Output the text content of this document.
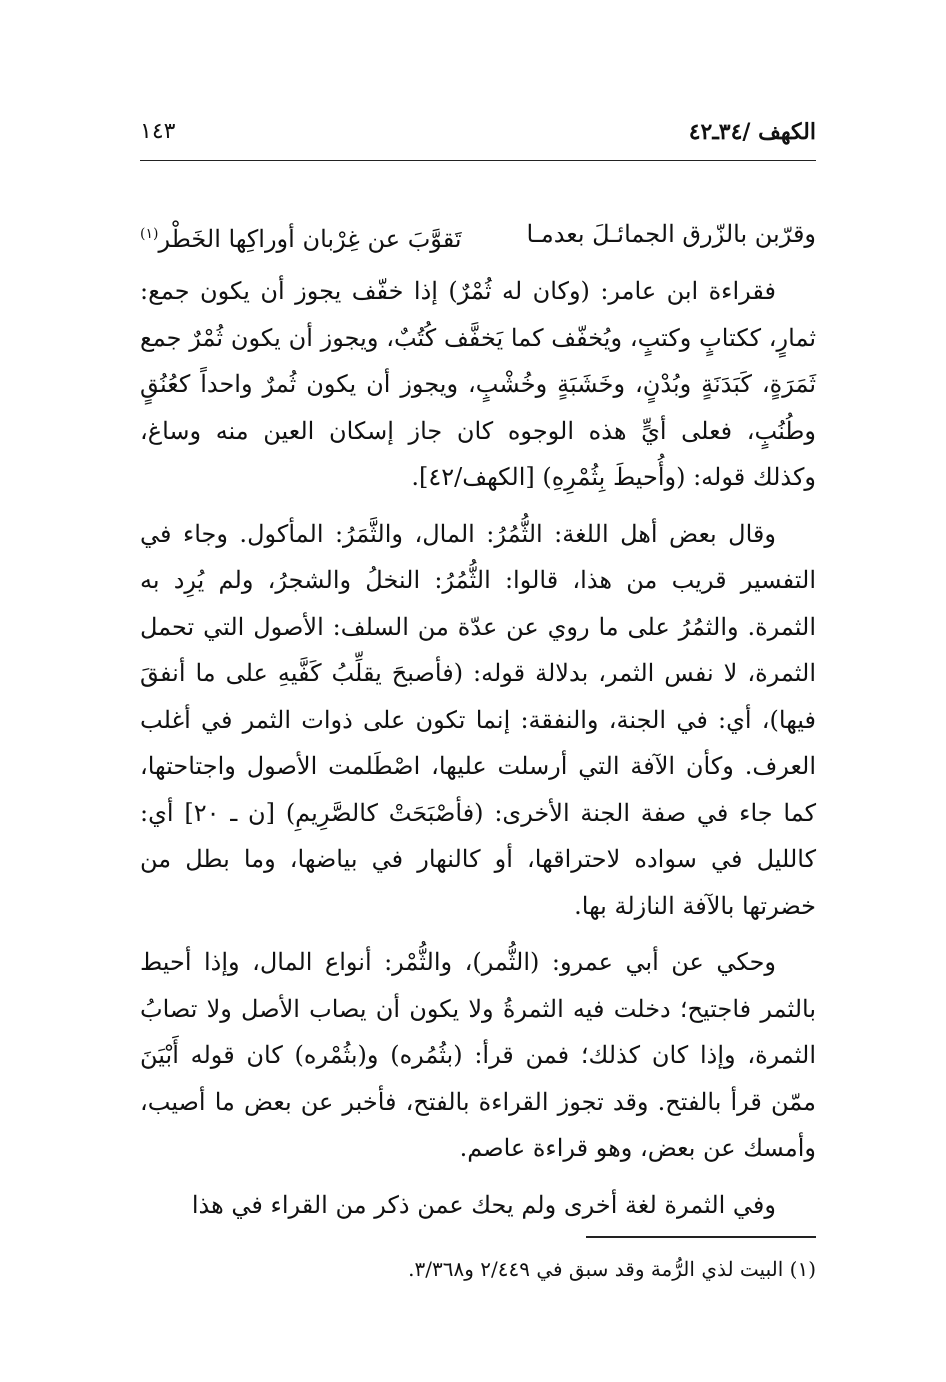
الكهف /٣٤ـ٤٢
١٤٣
وقرّبن بالزّرق الجمائـلَ بعدمـا
تَقوَّبَ عن غِرْبان أوراكِها الخَطْر$^{(١)}$

فقراءة ابن عامر: (وكان له ثُمْرٌ) إذا خفّف يجوز أن يكون جمع: ثمارٍ، ككتابٍ وكتبٍ، ويُخفّف كما يَخفَّف كُتُبٌ، ويجوز أن يكون ثُمْرٌ جمع ثَمَرَةٍ، كَبَدَنَةٍ وبُدْنٍ، وخَشَبَةٍ وخُشْبٍ، ويجوز أن يكون ثُمرٌ واحداً كعُنُقٍ وطُنُبٍ، فعلى أيٍّ هذه الوجوه كان جاز إسكان العين منه وساغ، وكذلك قوله: (وأُحيطَ بِثُمْرِهِ) [الكهف/٤٢].

وقال بعض أهل اللغة: الثُّمُرُ: المال، والثَّمَرُ: المأكول. وجاء في التفسير قريب من هذا، قالوا: الثُّمُرُ: النخلُ والشجرُ، ولم يُرِد به الثمرة. والثمُرُ على ما روي عن عدّة من السلف: الأصول التي تحمل الثمرة، لا نفس الثمر، بدلالة قوله: (فأصبحَ يقلِّبُ كَفَّيهِ على ما أنفقَ فيها)، أي: في الجنة، والنفقة: إنما تكون على ذوات الثمر في أغلب العرف. وكأن الآفة التي أرسلت عليها، اصْطَلمت الأصول واجتاحتها، كما جاء في صفة الجنة الأخرى: (فأصْبَحَتْ كالصَّرِيمِ) [ن ـ ٢٠] أي: كالليل في سواده لاحتراقها، أو كالنهار في بياضها، وما بطل من خضرتها بالآفة النازلة بها.

وحكي عن أبي عمرو: (الثُّمر)، والثُّمْر: أنواع المال، وإذا أحيط بالثمر فاجتيح؛ دخلت فيه الثمرةُ ولا يكون أن يصاب الأصل ولا تصابُ الثمرة، وإذا كان كذلك؛ فمن قرأ: (بثُمُره) و(بثُمْره) كان قوله أَبْيَنَ ممّن قرأ بالفتح. وقد تجوز القراءة بالفتح، فأخبر عن بعض ما أصيب، وأمسك عن بعض، وهو قراءة عاصم.

وفي الثمرة لغة أخرى ولم يحك عمن ذكر من القراء في هذا

(١) البيت لذي الرُّمة وقد سبق في ٢/٤٤٩ و٣/٣٦٨.
